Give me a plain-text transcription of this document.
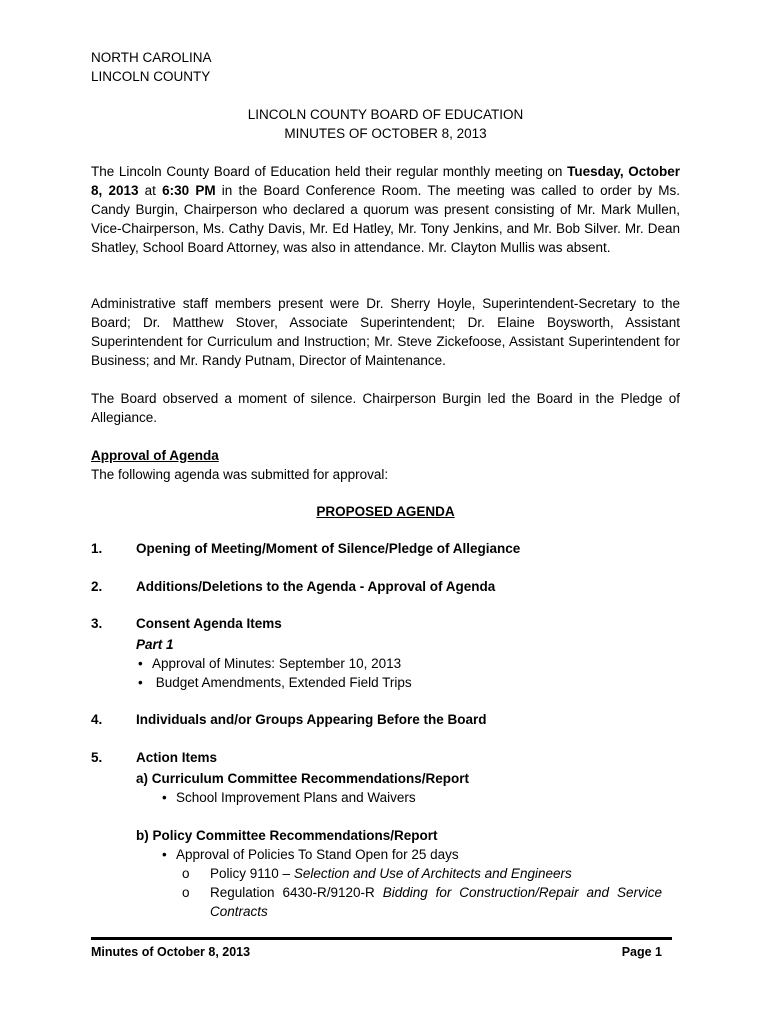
NORTH CAROLINA
LINCOLN COUNTY
LINCOLN COUNTY BOARD OF EDUCATION
MINUTES OF OCTOBER 8, 2013

The Lincoln County Board of Education held their regular monthly meeting on Tuesday, October 8, 2013 at 6:30 PM in the Board Conference Room. The meeting was called to order by Ms. Candy Burgin, Chairperson who declared a quorum was present consisting of Mr. Mark Mullen, Vice-Chairperson, Ms. Cathy Davis, Mr. Ed Hatley, Mr. Tony Jenkins, and Mr. Bob Silver. Mr. Dean Shatley, School Board Attorney, was also in attendance. Mr. Clayton Mullis was absent.

Administrative staff members present were Dr. Sherry Hoyle, Superintendent-Secretary to the Board; Dr. Matthew Stover, Associate Superintendent; Dr. Elaine Boysworth, Assistant Superintendent for Curriculum and Instruction; Mr. Steve Zickefoose, Assistant Superintendent for Business; and Mr. Randy Putnam, Director of Maintenance.

The Board observed a moment of silence. Chairperson Burgin led the Board in the Pledge of Allegiance.

Approval of Agenda
The following agenda was submitted for approval:
PROPOSED AGENDA
1. Opening of Meeting/Moment of Silence/Pledge of Allegiance
2. Additions/Deletions to the Agenda - Approval of Agenda
3. Consent Agenda Items
Part 1
• Approval of Minutes: September 10, 2013
• Budget Amendments, Extended Field Trips
4. Individuals and/or Groups Appearing Before the Board
5. Action Items
a) Curriculum Committee Recommendations/Report
• School Improvement Plans and Waivers
b) Policy Committee Recommendations/Report
• Approval of Policies To Stand Open for 25 days
o Policy 9110 – Selection and Use of Architects and Engineers
o	Regulation 6430-R/9120-R Bidding for Construction/Repair and Service Contracts
Minutes of October 8, 2013	Page 1
